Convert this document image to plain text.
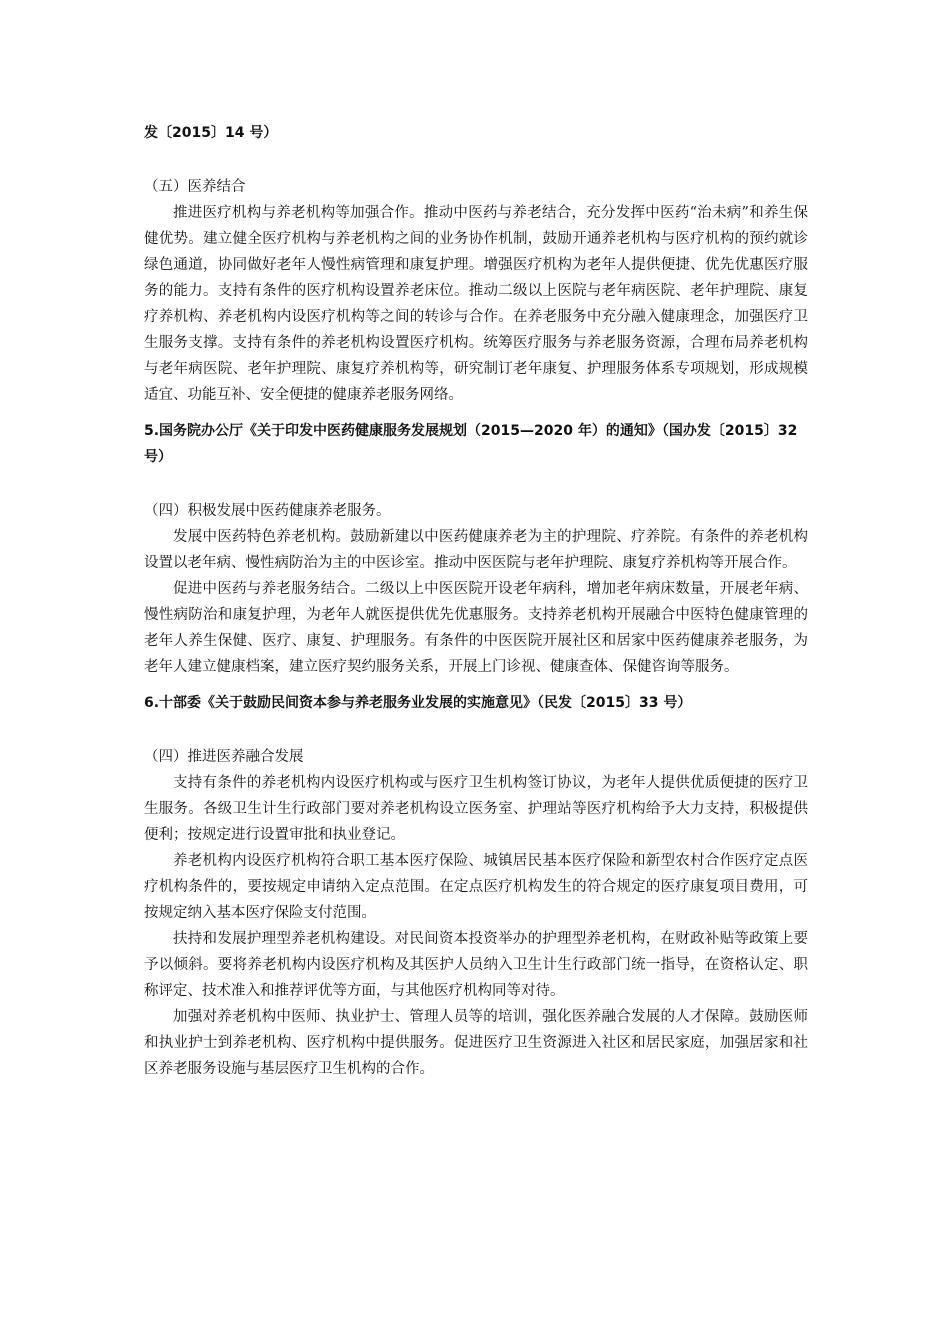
发〔2015〕14 号）

（五）医养结合

推进医疗机构与养老机构等加强合作。推动中医药与养老结合，充分发挥中医药“治未病”和养生保健优势。建立健全医疗机构与养老机构之间的业务协作机制，鼓励开通养老机构与医疗机构的预约就诊绿色通道，协同做好老年人慢性病管理和康复护理。增强医疗机构为老年人提供便捷、优先优惠医疗服务的能力。支持有条件的医疗机构设置养老床位。推动二级以上医院与老年病医院、老年护理院、康复疗养机构、养老机构内设医疗机构等之间的转诊与合作。在养老服务中充分融入健康理念，加强医疗卫生服务支撑。支持有条件的养老机构设置医疗机构。统筹医疗服务与养老服务资源，合理布局养老机构与老年病医院、老年护理院、康复疗养机构等，研究制订老年康复、护理服务体系专项规划，形成规模适宜、功能互补、安全便捷的健康养老服务网络。

5.国务院办公厅《关于印发中医药健康服务发展规划（2015—2020 年）的通知》（国办发〔2015〕32 号）

（四）积极发展中医药健康养老服务。

发展中医药特色养老机构。鼓励新建以中医药健康养老为主的护理院、疗养院。有条件的养老机构设置以老年病、慢性病防治为主的中医诊室。推动中医医院与老年护理院、康复疗养机构等开展合作。

促进中医药与养老服务结合。二级以上中医医院开设老年病科，增加老年病床数量，开展老年病、慢性病防治和康复护理，为老年人就医提供优先优惠服务。支持养老机构开展融合中医特色健康管理的老年人养生保健、医疗、康复、护理服务。有条件的中医医院开展社区和居家中医药健康养老服务，为老年人建立健康档案，建立医疗契约服务关系，开展上门诊视、健康查体、保健咨询等服务。

6.十部委《关于鼓励民间资本参与养老服务业发展的实施意见》（民发〔2015〕33 号）

（四）推进医养融合发展

支持有条件的养老机构内设医疗机构或与医疗卫生机构签订协议，为老年人提供优质便捷的医疗卫生服务。各级卫生计生行政部门要对养老机构设立医务室、护理站等医疗机构给予大力支持，积极提供便利；按规定进行设置审批和执业登记。

养老机构内设医疗机构符合职工基本医疗保险、城镇居民基本医疗保险和新型农村合作医疗定点医疗机构条件的，要按规定申请纳入定点范围。在定点医疗机构发生的符合规定的医疗康复项目费用，可按规定纳入基本医疗保险支付范围。

扶持和发展护理型养老机构建设。对民间资本投资举办的护理型养老机构，在财政补贴等政策上要予以倾斜。要将养老机构内设医疗机构及其医护人员纳入卫生计生行政部门统一指导，在资格认定、职称评定、技术准入和推荐评优等方面，与其他医疗机构同等对待。

加强对养老机构中医师、执业护士、管理人员等的培训，强化医养融合发展的人才保障。鼓励医师和执业护士到养老机构、医疗机构中提供服务。促进医疗卫生资源进入社区和居民家庭，加强居家和社区养老服务设施与基层医疗卫生机构的合作。
